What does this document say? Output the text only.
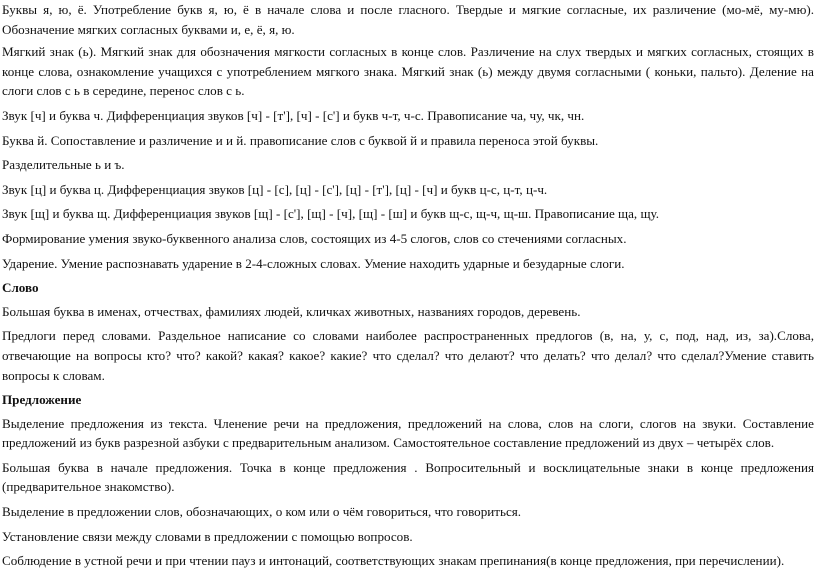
Буквы я, ю, ё. Употребление букв я, ю, ё в начале слова и после гласного. Твердые и мягкие согласные, их различение (мо-мё, му-мю). Обозначение мягких согласных буквами и, е, ё, я, ю.

Мягкий знак (ь). Мягкий знак для обозначения мягкости согласных в конце слов. Различение на слух твердых и мягких согласных, стоящих в конце слова, ознакомление учащихся с употреблением мягкого знака. Мягкий знак (ь) между двумя согласными ( коньки, пальто). Деление на слоги слов с ь в середине, перенос слов с ь.

Звук [ч] и буква ч. Дифференциация звуков [ч] - [т'], [ч] - [с'] и букв ч-т, ч-с. Правописание ча, чу, чк, чн.

Буква й. Сопоставление и различение и и й. правописание слов с буквой й и правила переноса этой буквы.

Разделительные ь и ъ.

Звук [ц] и буква ц. Дифференциация звуков [ц] - [с], [ц] - [с'], [ц] - [т'], [ц] - [ч] и букв ц-с, ц-т, ц-ч.

Звук [щ] и буква щ. Дифференциация звуков [щ] - [с'], [щ] - [ч], [щ] - [ш] и букв щ-с, щ-ч, щ-ш. Правописание ща, щу.

Формирование умения звуко-буквенного анализа слов, состоящих из 4-5 слогов, слов со стечениями согласных.

Ударение. Умение распознавать ударение в 2-4-сложных словах. Умение находить ударные и безударные слоги.

Слово

Большая буква в именах, отчествах, фамилиях людей, кличках животных, названиях городов, деревень.

Предлоги перед словами. Раздельное написание со словами наиболее распространенных предлогов (в, на, у, с, под, над, из, за).Слова, отвечающие на вопросы кто? что? какой? какая? какое? какие? что сделал? что делают? что делать? что делал? что сделал?Умение ставить вопросы к словам.

Предложение

Выделение предложения из текста. Членение речи на предложения, предложений на слова, слов на слоги, слогов на звуки. Составление предложений из букв разрезной азбуки с предварительным анализом. Самостоятельное составление предложений из двух – четырёх слов.

Большая буква в начале предложения. Точка в конце предложения . Вопросительный и восклицательные знаки в конце предложения (предварительное знакомство).

Выделение в предложении слов, обозначающих, о ком или о чём говориться, что говориться.

Установление связи между словами в предложении с помощью вопросов.

Соблюдение в устной речи и при чтении пауз и интонаций, соответствующих знакам препинания(в конце предложения, при перечислении).
